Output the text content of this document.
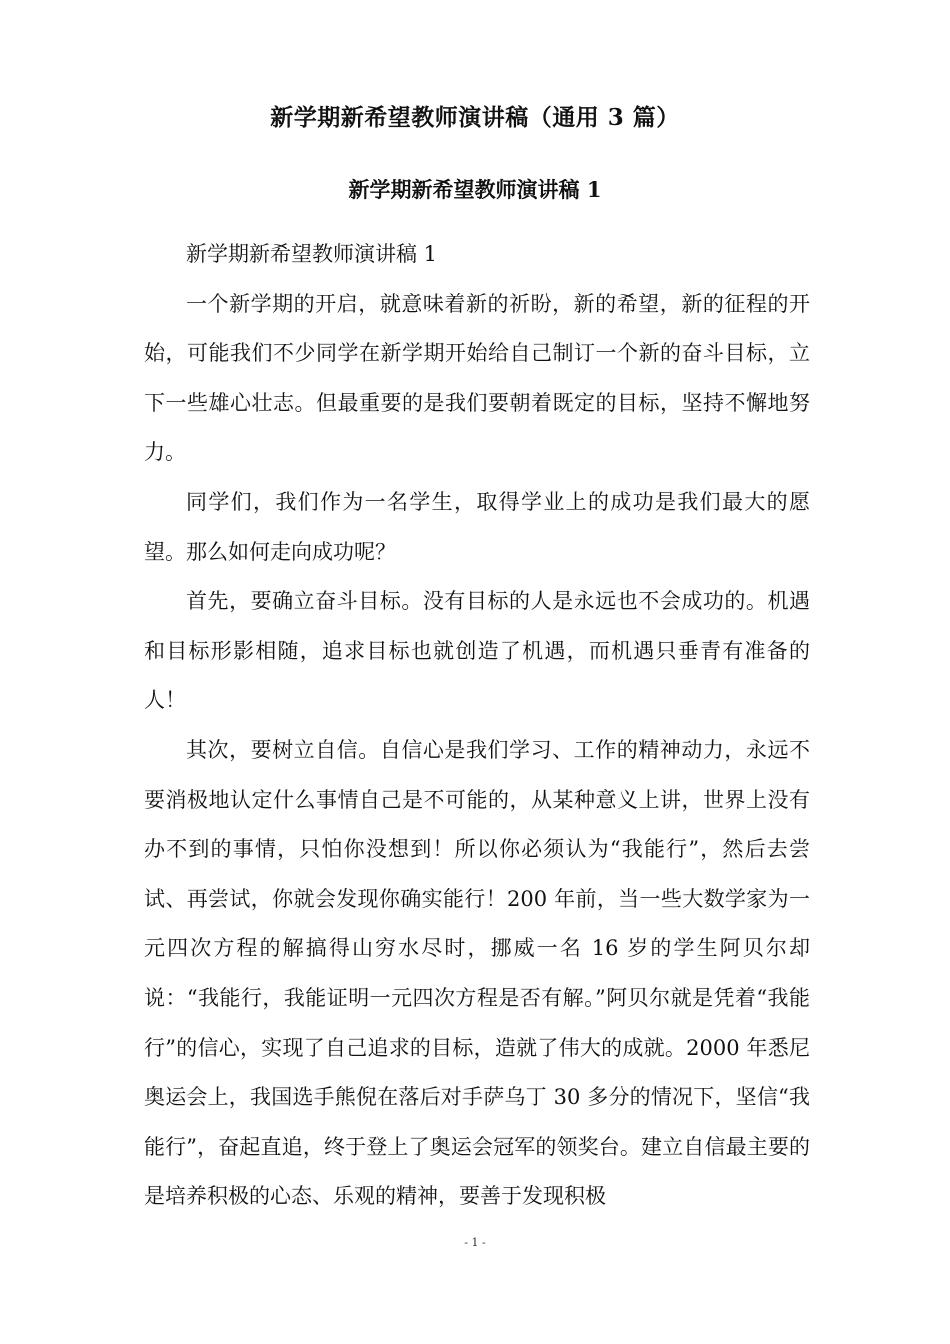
新学期新希望教师演讲稿（通用 3 篇）
新学期新希望教师演讲稿 1

新学期新希望教师演讲稿 1

一个新学期的开启，就意味着新的祈盼，新的希望，新的征程的开始，可能我们不少同学在新学期开始给自己制订一个新的奋斗目标，立下一些雄心壮志。但最重要的是我们要朝着既定的目标，坚持不懈地努力。

同学们，我们作为一名学生，取得学业上的成功是我们最大的愿望。那么如何走向成功呢？

首先，要确立奋斗目标。没有目标的人是永远也不会成功的。机遇和目标形影相随，追求目标也就创造了机遇，而机遇只垂青有准备的人！

其次，要树立自信。自信心是我们学习、工作的精神动力，永远不要消极地认定什么事情自己是不可能的，从某种意义上讲，世界上没有办不到的事情，只怕你没想到！所以你必须认为“我能行”，然后去尝试、再尝试，你就会发现你确实能行！200 年前，当一些大数学家为一元四次方程的解搞得山穷水尽时，挪威一名 16 岁的学生阿贝尔却说：“我能行，我能证明一元四次方程是否有解。”阿贝尔就是凭着“我能行”的信心，实现了自己追求的目标，造就了伟大的成就。2000 年悉尼奥运会上，我国选手熊倪在落后对手萨乌丁 30 多分的情况下，坚信“我能行”，奋起直追，终于登上了奥运会冠军的领奖台。建立自信最主要的是培养积极的心态、乐观的精神，要善于发现积极

- 1 -
